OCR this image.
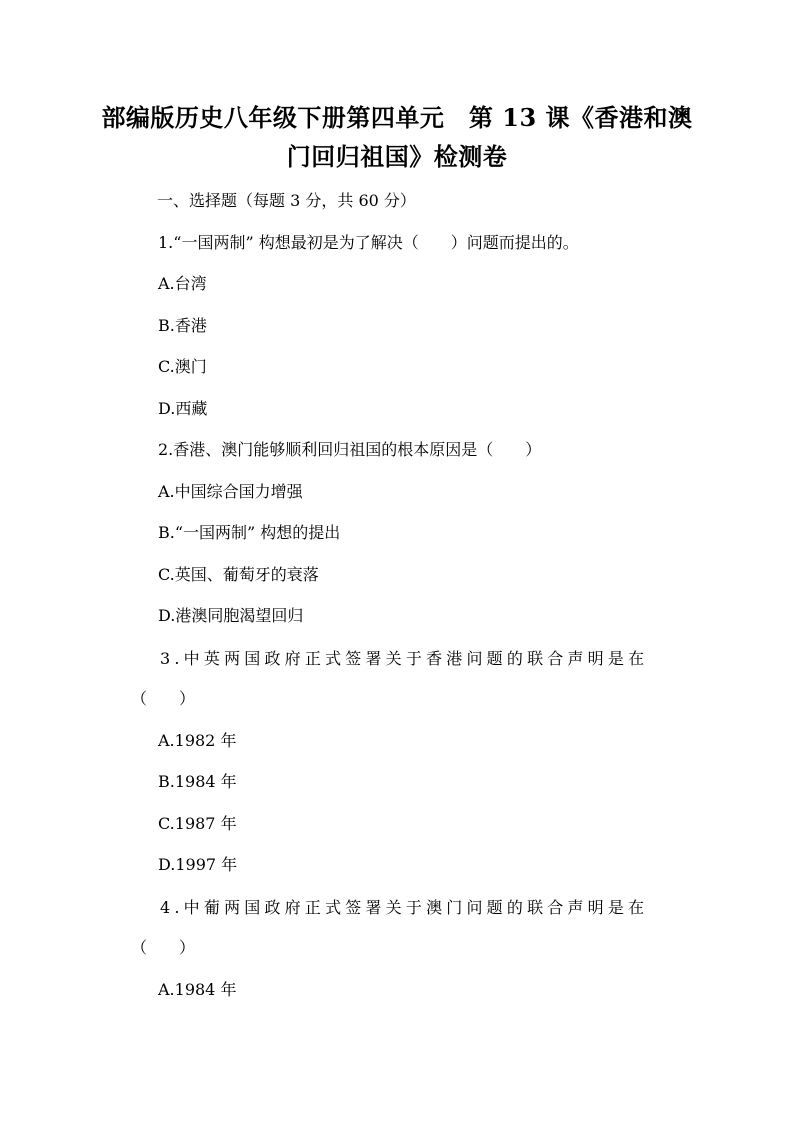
部编版历史八年级下册第四单元　第 13 课《香港和澳
门回归祖国》检测卷
一、选择题（每题 3 分，共 60 分）
1.“一国两制” 构想最初是为了解决（　　）问题而提出的。
A.台湾
B.香港
C.澳门
D.西藏
2.香港、澳门能够顺利回归祖国的根本原因是（　　）
A.中国综合国力增强
B.“一国两制” 构想的提出
C.英国、葡萄牙的衰落
D.港澳同胞渴望回归
3.中英两国政府正式签署关于香港问题的联合声明是在
（　　）
A.1982 年
B.1984 年
C.1987 年
D.1997 年
4.中葡两国政府正式签署关于澳门问题的联合声明是在
（　　）
A.1984 年
